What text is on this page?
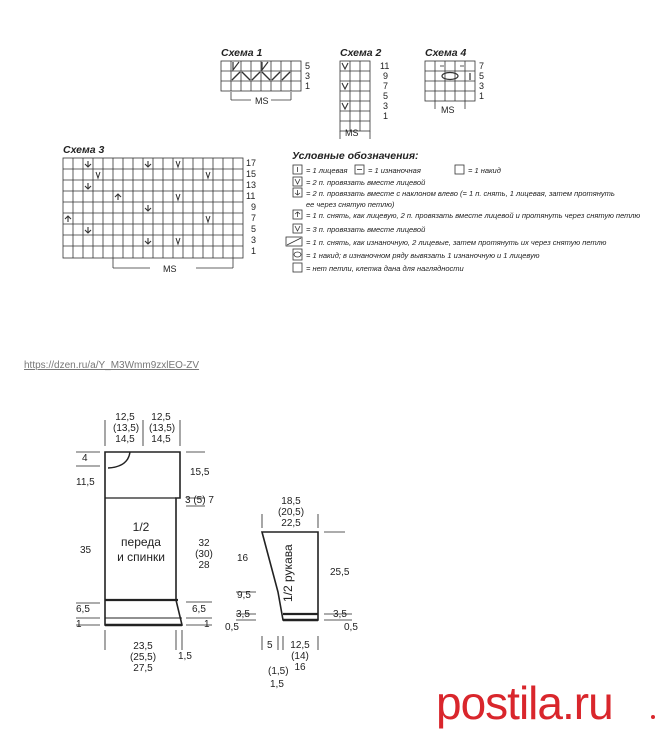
Схема 1
5
3
1
MS
Схема 2
11
9
7
5
3
1
MS
Схема 4
7
5
3
1
MS
Схема 3
17
15
13
11
9
7
5
3
1
MS
Условные обозначения:
= 1 лицевая	= 1 изнаночная	= 1 накид
= 2 п. провязать вместе лицевой
= 2 п. провязать вместе с наклоном влево (= 1 п. снять, 1 лицевая, затем протянуть
ее через снятую петлю)
= 1 п. снять, как лицевую, 2 п. провязать вместе лицевой и протянуть через снятую петлю
= 3 п. провязать вместе лицевой
= 1 п. снять, как изнаночную, 2 лицевые, затем протянуть их через снятую петлю
= 1 накид; в изнаночном ряду вывязать 1 изнаночную и 1 лицевую
= нет петли, клетка дана для наглядности
https://dzen.ru/a/Y_M3Wmm9zxlEO-ZV
12,5
(13,5)
14,5
12,5
(13,5)
14,5
4
11,5
35
6,5
1
15,5
3 (5) 7
32
(30)
28
6,5
1
1/2
переда
и спинки
23,5
(25,5)
27,5
1,5
18,5
(20,5)
22,5
16
9,5
3,5
0,5
25,5
3,5
0,5
1/2 рукава
5 12,5
(14)
16
(1,5)
1,5	postila.ru
